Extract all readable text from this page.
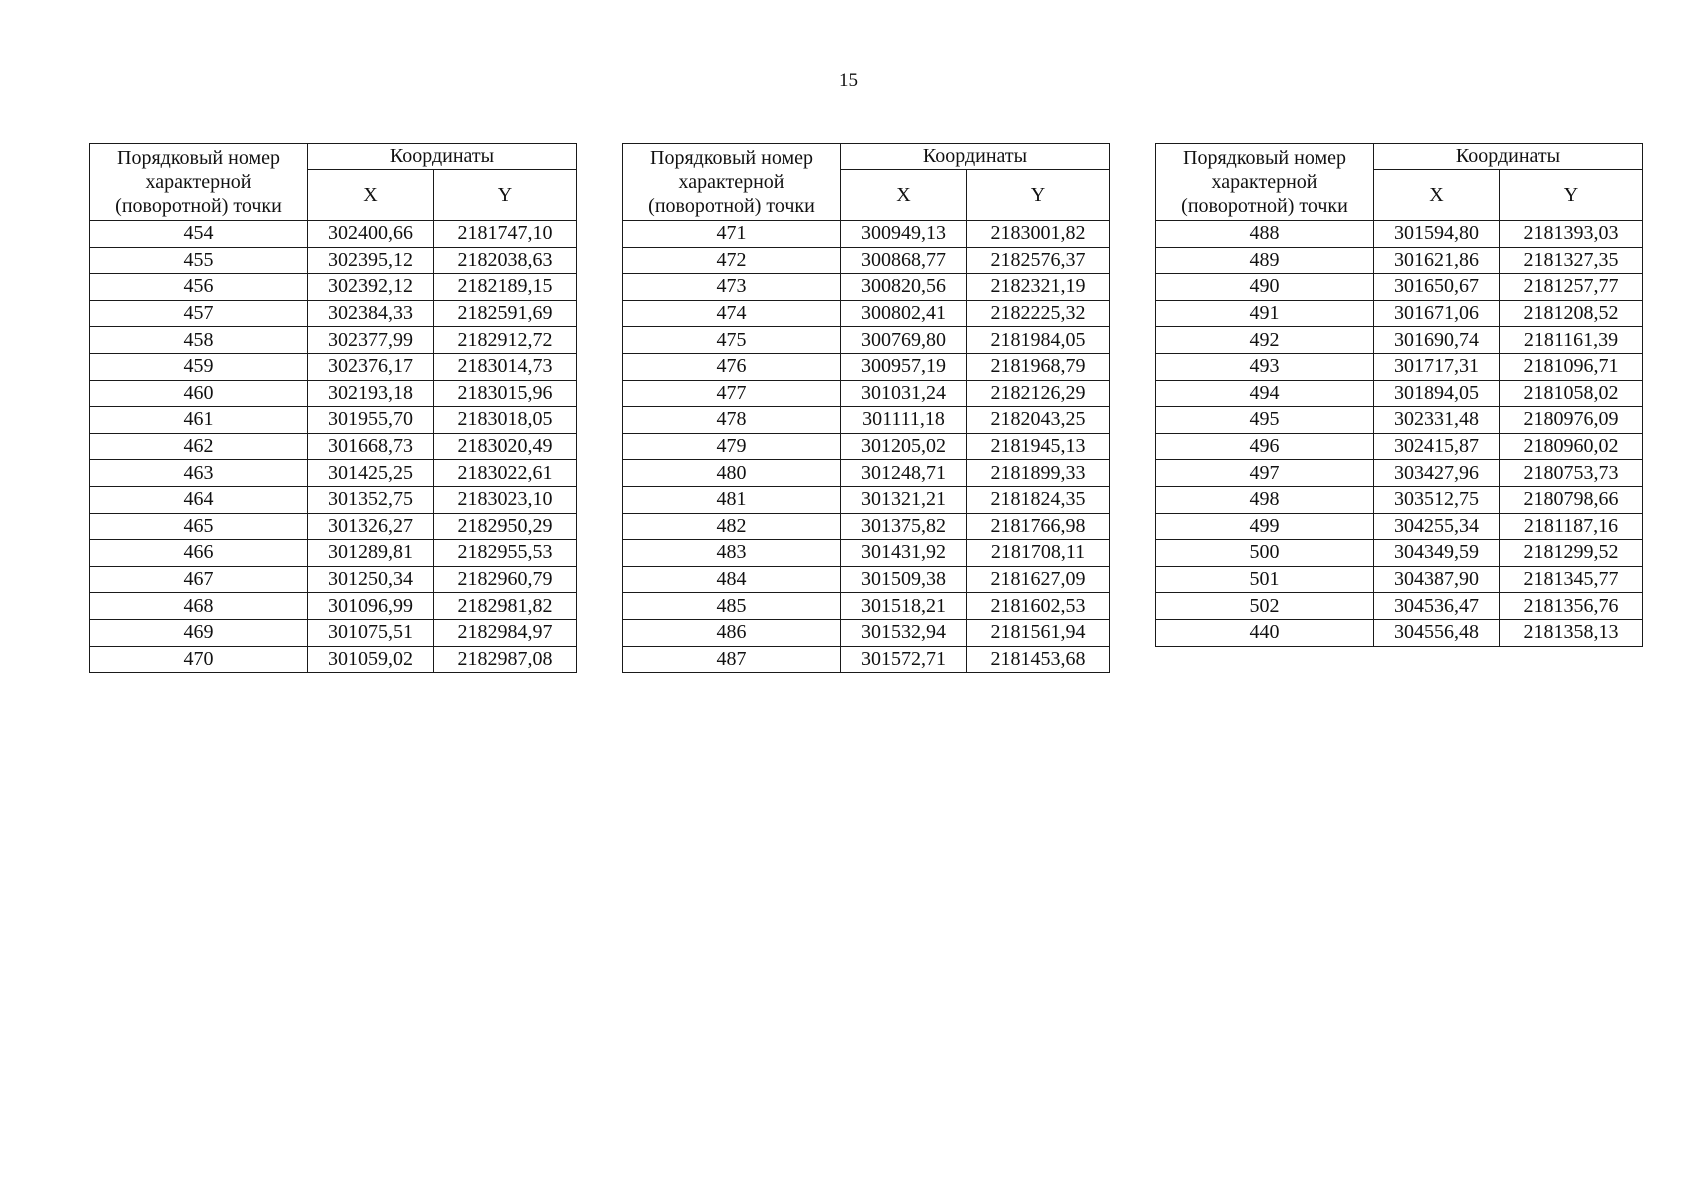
15
Порядковый номер характерной (поворотной) точки	Координаты	
	X	Y
454	302400,66	2181747,10
455	302395,12	2182038,63
456	302392,12	2182189,15
457	302384,33	2182591,69
458	302377,99	2182912,72
459	302376,17	2183014,73
460	302193,18	2183015,96
461	301955,70	2183018,05
462	301668,73	2183020,49
463	301425,25	2183022,61
464	301352,75	2183023,10
465	301326,27	2182950,29
466	301289,81	2182955,53
467	301250,34	2182960,79
468	301096,99	2182981,82
469	301075,51	2182984,97
470	301059,02	2182987,08
Порядковый номер характерной (поворотной) точки	Координаты	
	X	Y
471	300949,13	2183001,82
472	300868,77	2182576,37
473	300820,56	2182321,19
474	300802,41	2182225,32
475	300769,80	2181984,05
476	300957,19	2181968,79
477	301031,24	2182126,29
478	301111,18	2182043,25
479	301205,02	2181945,13
480	301248,71	2181899,33
481	301321,21	2181824,35
482	301375,82	2181766,98
483	301431,92	2181708,11
484	301509,38	2181627,09
485	301518,21	2181602,53
486	301532,94	2181561,94
487	301572,71	2181453,68
Порядковый номер характерной (поворотной) точки	Координаты	
	X	Y
488	301594,80	2181393,03
489	301621,86	2181327,35
490	301650,67	2181257,77
491	301671,06	2181208,52
492	301690,74	2181161,39
493	301717,31	2181096,71
494	301894,05	2181058,02
495	302331,48	2180976,09
496	302415,87	2180960,02
497	303427,96	2180753,73
498	303512,75	2180798,66
499	304255,34	2181187,16
500	304349,59	2181299,52
501	304387,90	2181345,77
502	304536,47	2181356,76
440	304556,48	2181358,13
